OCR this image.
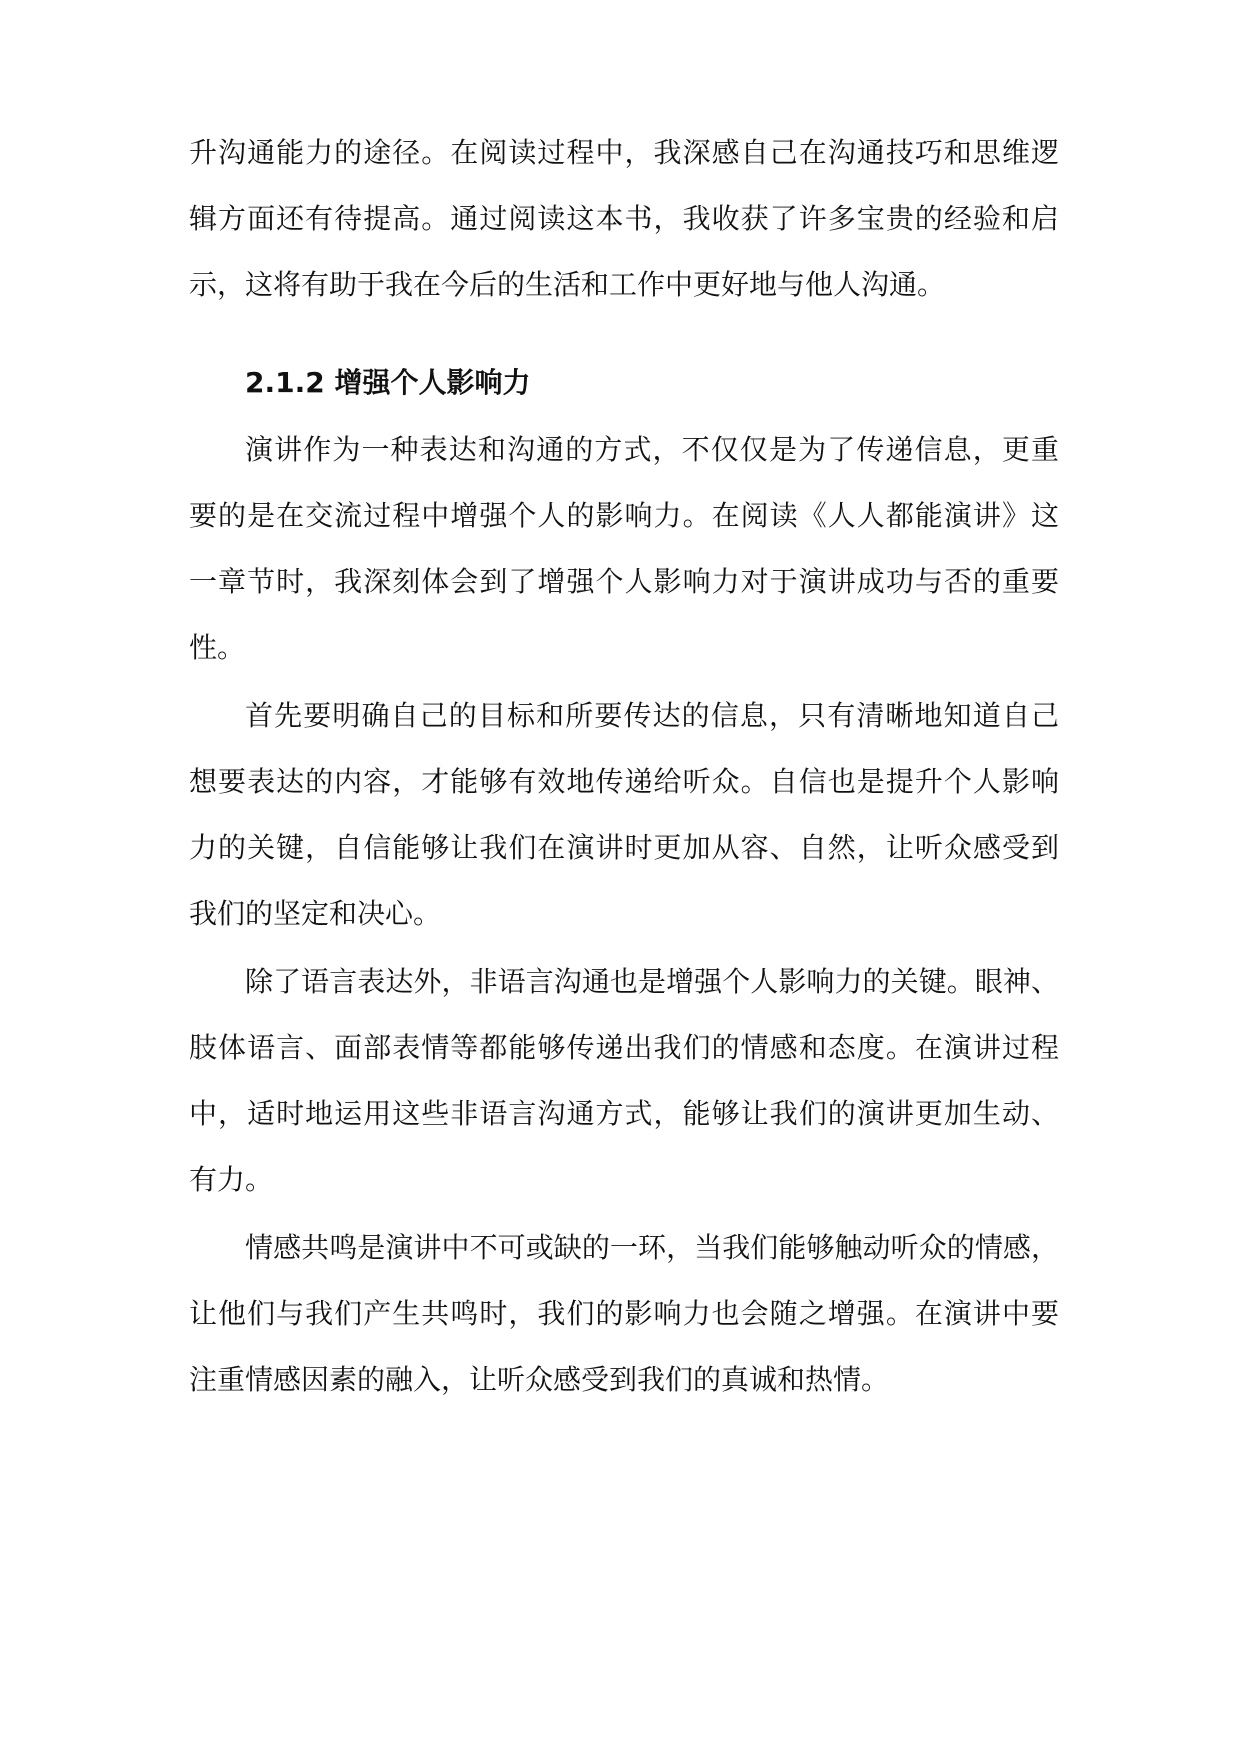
升沟通能力的途径。在阅读过程中，我深感自己在沟通技巧和思维逻
辑方面还有待提高。通过阅读这本书，我收获了许多宝贵的经验和启
示，这将有助于我在今后的生活和工作中更好地与他人沟通。
2.1.2 增强个人影响力
演讲作为一种表达和沟通的方式，不仅仅是为了传递信息，更重
要的是在交流过程中增强个人的影响力。在阅读《人人都能演讲》这
一章节时，我深刻体会到了增强个人影响力对于演讲成功与否的重要
性。
首先要明确自己的目标和所要传达的信息，只有清晰地知道自己
想要表达的内容，才能够有效地传递给听众。自信也是提升个人影响
力的关键，自信能够让我们在演讲时更加从容、自然，让听众感受到
我们的坚定和决心。
除了语言表达外，非语言沟通也是增强个人影响力的关键。眼神、
肢体语言、面部表情等都能够传递出我们的情感和态度。在演讲过程
中，适时地运用这些非语言沟通方式，能够让我们的演讲更加生动、
有力。
情感共鸣是演讲中不可或缺的一环，当我们能够触动听众的情感，
让他们与我们产生共鸣时，我们的影响力也会随之增强。在演讲中要
注重情感因素的融入，让听众感受到我们的真诚和热情。
